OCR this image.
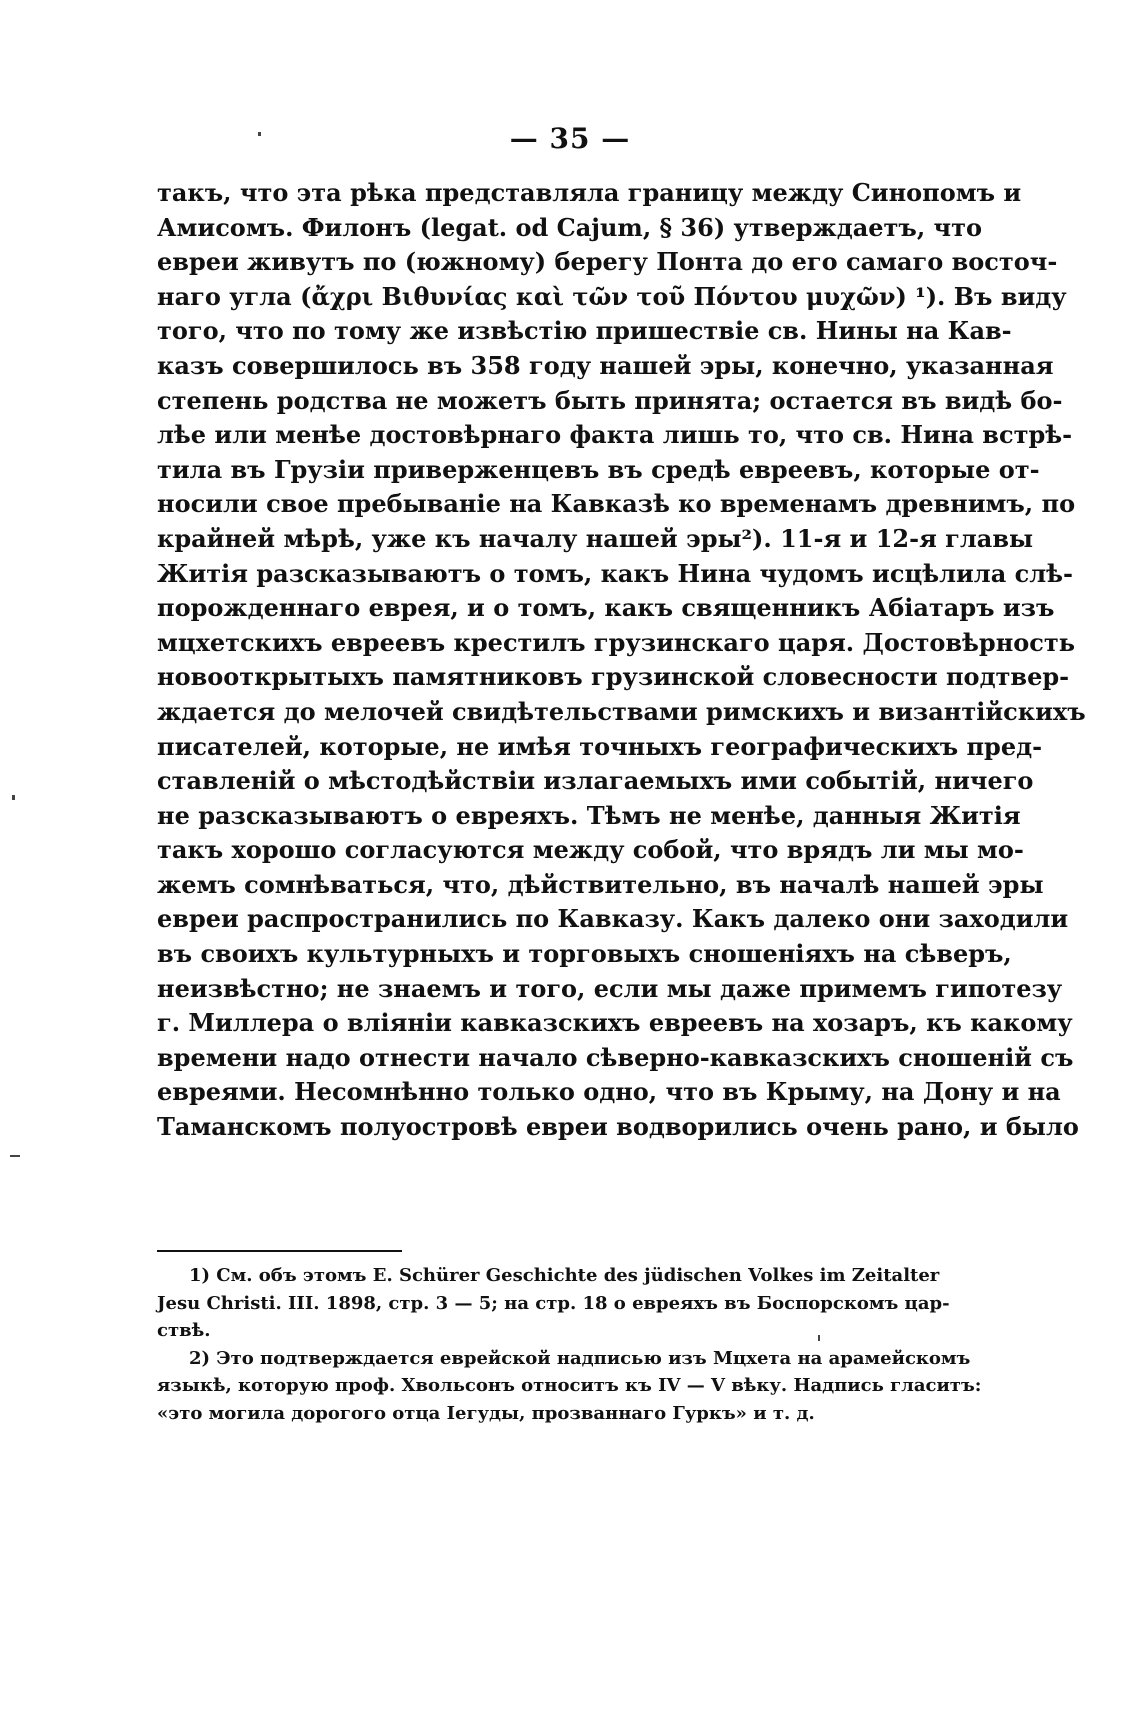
— 35 —
такъ, что эта рѣка представляла границу между Синопомъ и
Амисомъ. Филонъ (legat. od Cajum, § 36) утверждаетъ, что
евреи живутъ по (южному) берегу Понта до его самаго восточ-
наго угла (ἄχρι Βιθυνίας καὶ τῶν τοῦ Πόντου μυχῶν) ¹). Въ виду
того, что по тому же извѣстію пришествіе св. Нины на Кав-
казъ совершилось въ 358 году нашей эры, конечно, указанная
степень родства не можетъ быть принята; остается въ видѣ бо-
лѣе или менѣе достовѣрнаго факта лишь то, что св. Нина встрѣ-
тила въ Грузіи приверженцевъ въ средѣ евреевъ, которые от-
носили свое пребываніе на Кавказѣ ко временамъ древнимъ, по
крайней мѣрѣ, уже къ началу нашей эры²). 11-я и 12-я главы
Житія разсказываютъ о томъ, какъ Нина чудомъ исцѣлила слѣ-
порожденнаго еврея, и о томъ, какъ священникъ Абіатаръ изъ
мцхетскихъ евреевъ крестилъ грузинскаго царя. Достовѣрность
новооткрытыхъ памятниковъ грузинской словесности подтвер-
ждается до мелочей свидѣтельствами римскихъ и византійскихъ
писателей, которые, не имѣя точныхъ географическихъ пред-
ставленій о мѣстодѣйствіи излагаемыхъ ими событій, ничего
не разсказываютъ о евреяхъ. Тѣмъ не менѣе, данныя Житія
такъ хорошо согласуются между собой, что врядъ ли мы мо-
жемъ сомнѣваться, что, дѣйствительно, въ началѣ нашей эры
евреи распространились по Кавказу. Какъ далеко они заходили
въ своихъ культурныхъ и торговыхъ сношеніяхъ на сѣверъ,
неизвѣстно; не знаемъ и того, если мы даже примемъ гипотезу
г. Миллера о вліяніи кавказскихъ евреевъ на хозаръ, къ какому
времени надо отнести начало сѣверно-кавказскихъ сношеній съ
евреями. Несомнѣнно только одно, что въ Крыму, на Дону и на
Таманскомъ полуостровѣ евреи водворились очень рано, и было
1) См. объ этомъ E. Schürer Geschichte des jüdischen Volkes im Zeitalter
Jesu Christi. III. 1898, стр. 3 — 5; на стр. 18 о евреяхъ въ Боспорскомъ цар-
ствѣ.
2) Это подтверждается еврейской надписью изъ Мцхета на арамейскомъ
языкѣ, которую проф. Хвольсонъ относитъ къ IV — V вѣку. Надпись гласитъ:
«это могила дорогого отца Іегуды, прозваннаго Гуркъ» и т. д.
